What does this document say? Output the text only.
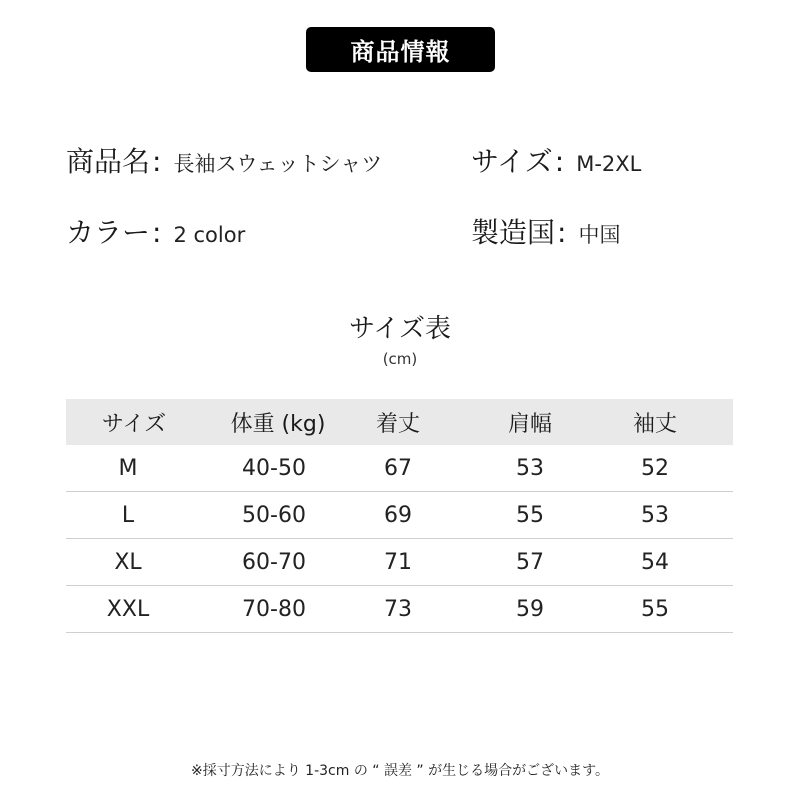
商品情報
商品名 : 長袖スウェットシャツ	サイズ : M-2XL
カラー : 2 color	製造国 : 中国
サイズ表
(cm)
サイズ	体重 (kg)	着丈	肩幅	袖丈
M	40-50	67	53	52
L	50-60	69	55	53
XL	60-70	71	57	54
XXL	70-80	73	59	55
※採寸方法により 1-3cm の “ 誤差 ” が生じる場合がございます。
